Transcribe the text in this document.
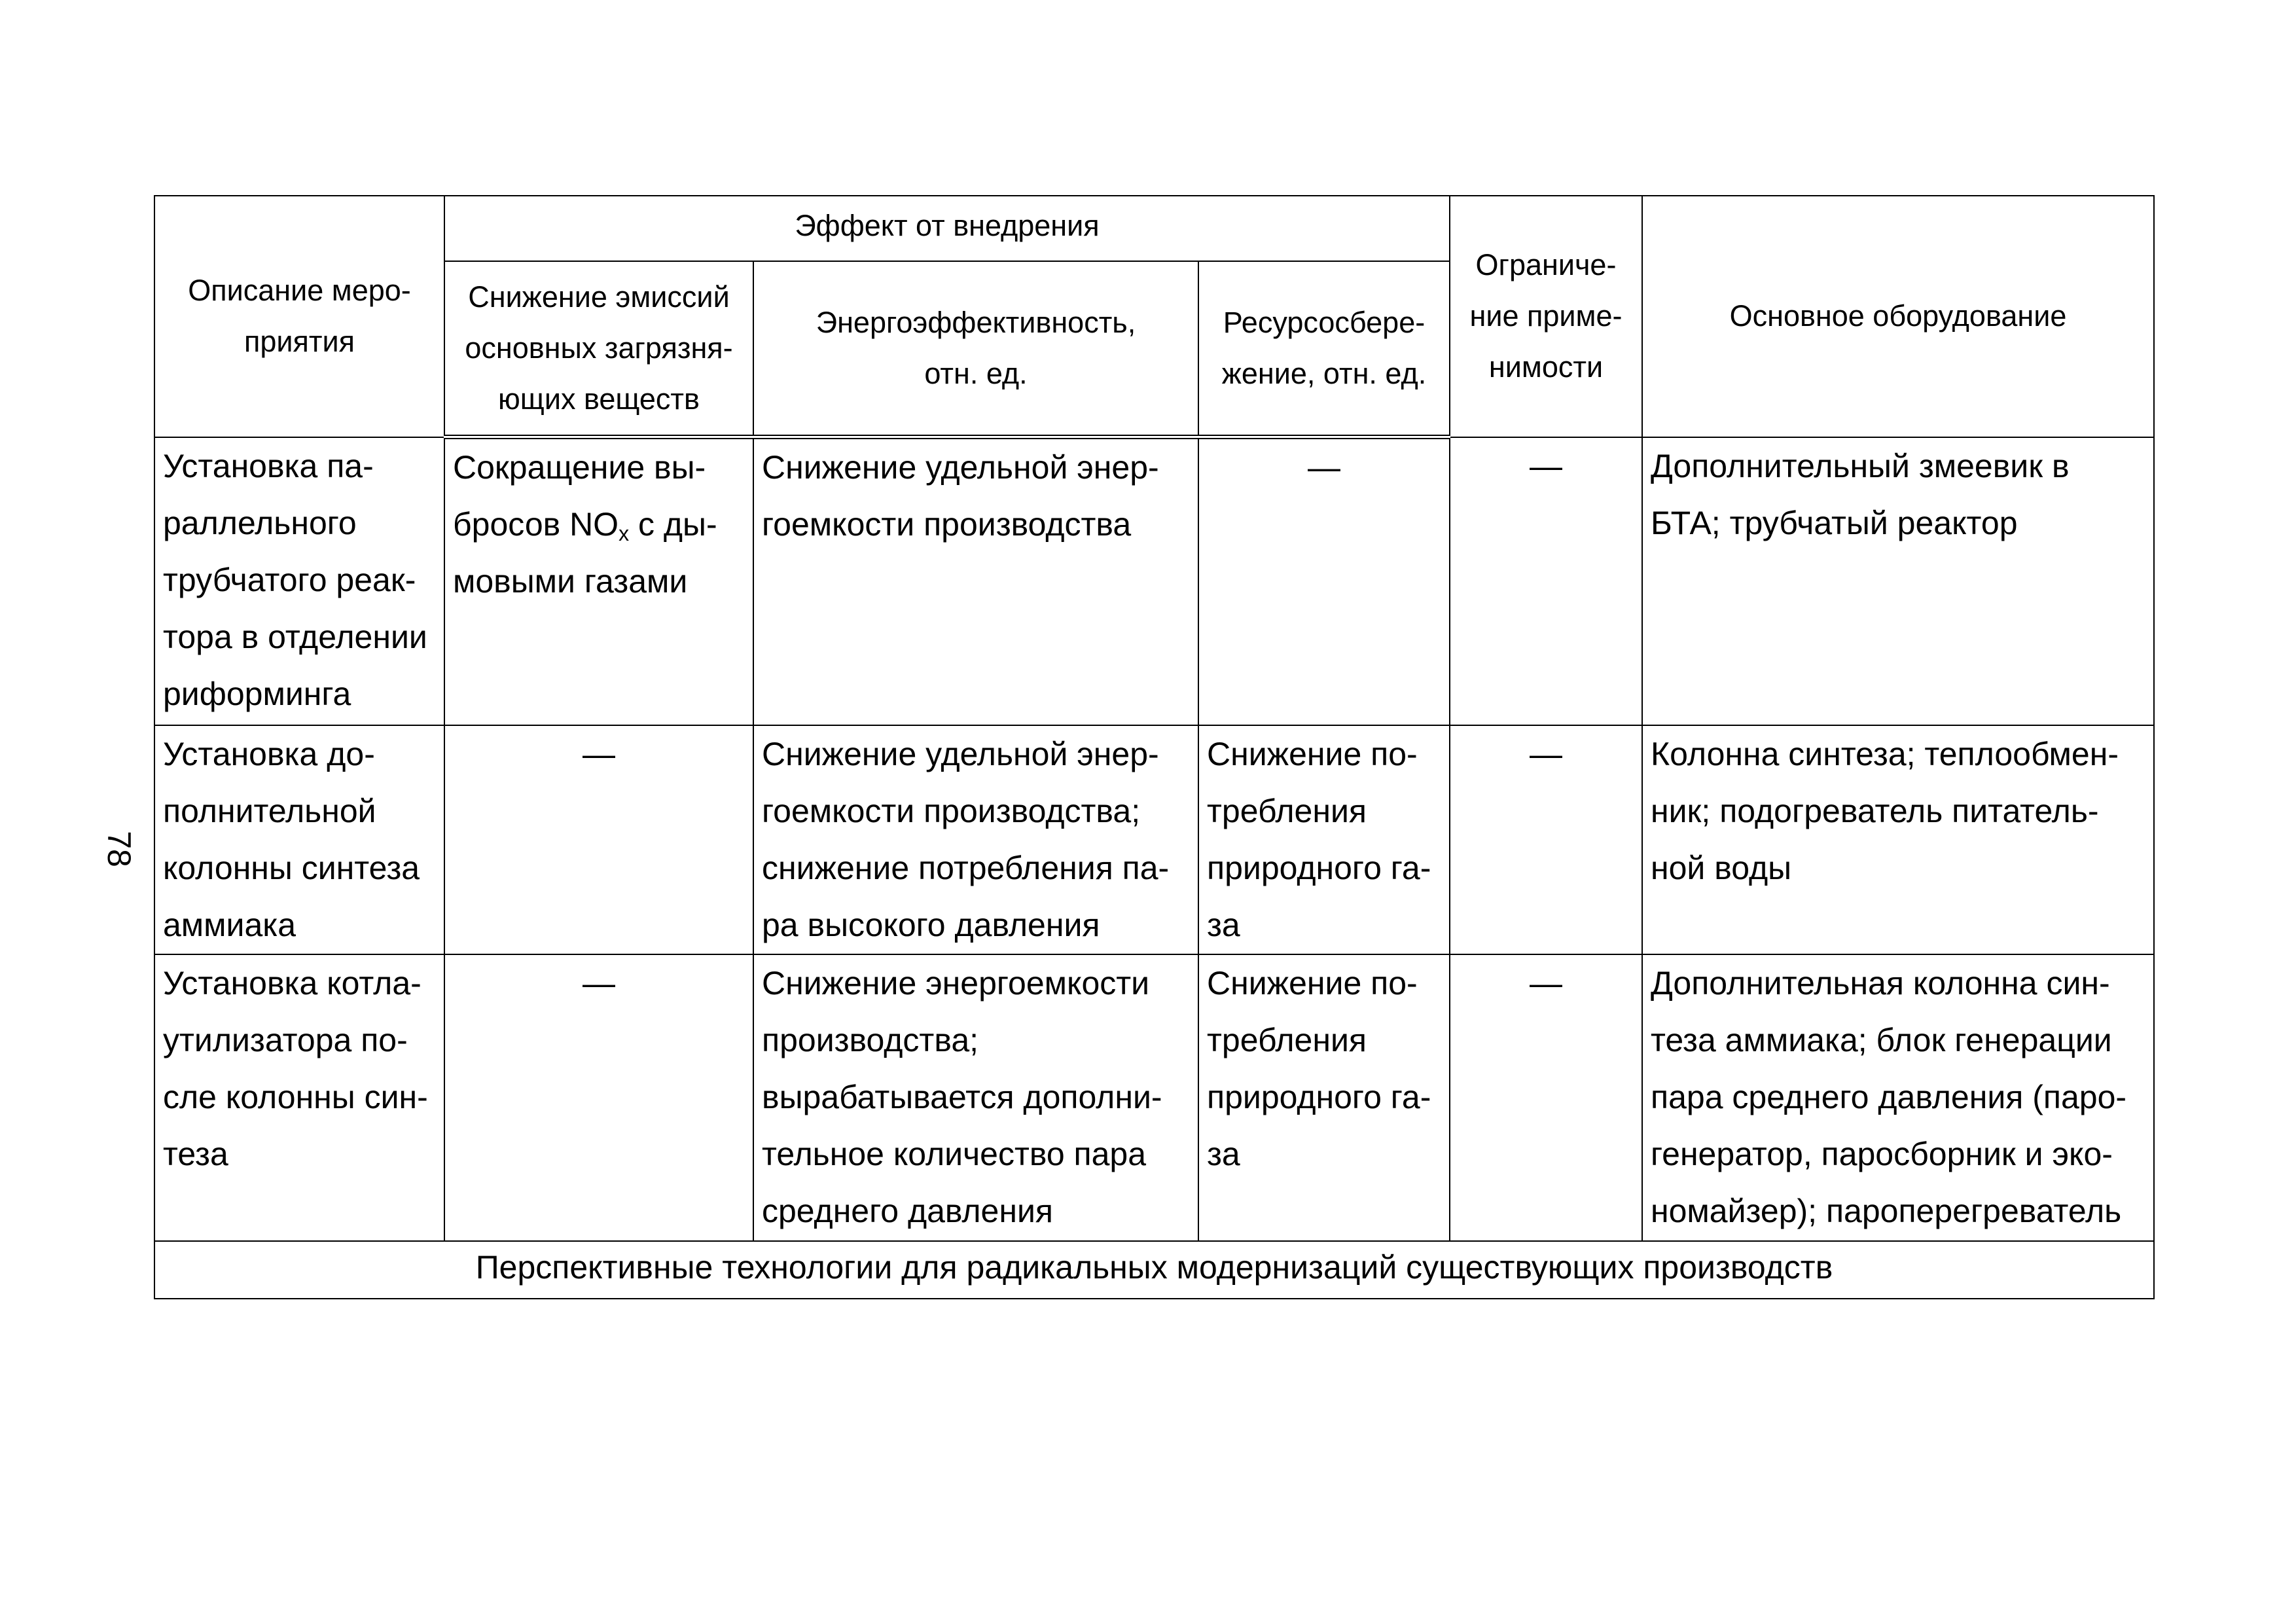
78
Описание меро-
приятия	Эффект от внедрения			Ограниче-
ние приме-
нимости	Основное оборудование

	Снижение эмиссий
основных загрязня-
ющих веществ	Энергоэффективность,
отн. ед.	Ресурсосбере-
жение, отн. ед.		

Установка па-
раллельного
трубчатого реак-
тора в отделении
риформинга	Сокращение вы-
бросов $NO_x$ с ды-
мовыми газами	Снижение удельной энер-
гоемкости производства	—	—	Дополнительный змеевик в
БТА; трубчатый реактор

Установка до-
полнительной
колонны синтеза
аммиака	—	Снижение удельной энер-
гоемкости производства;
снижение потребления па-
ра высокого давления	Снижение по-
требления
природного га-
за	—	Колонна синтеза; теплообмен-
ник; подогреватель питатель-
ной воды

Установка котла-
утилизатора по-
сле колонны син-
теза	—	Снижение энергоемкости
производства;
вырабатывается дополни-
тельное количество пара
среднего давления	Снижение по-
требления
природного га-
за	—	Дополнительная колонна син-
теза аммиака; блок генерации
пара среднего давления (паро-
генератор, паросборник и эко-
номайзер); пароперегреватель

Перспективные технологии для радикальных модернизаций существующих производств					
